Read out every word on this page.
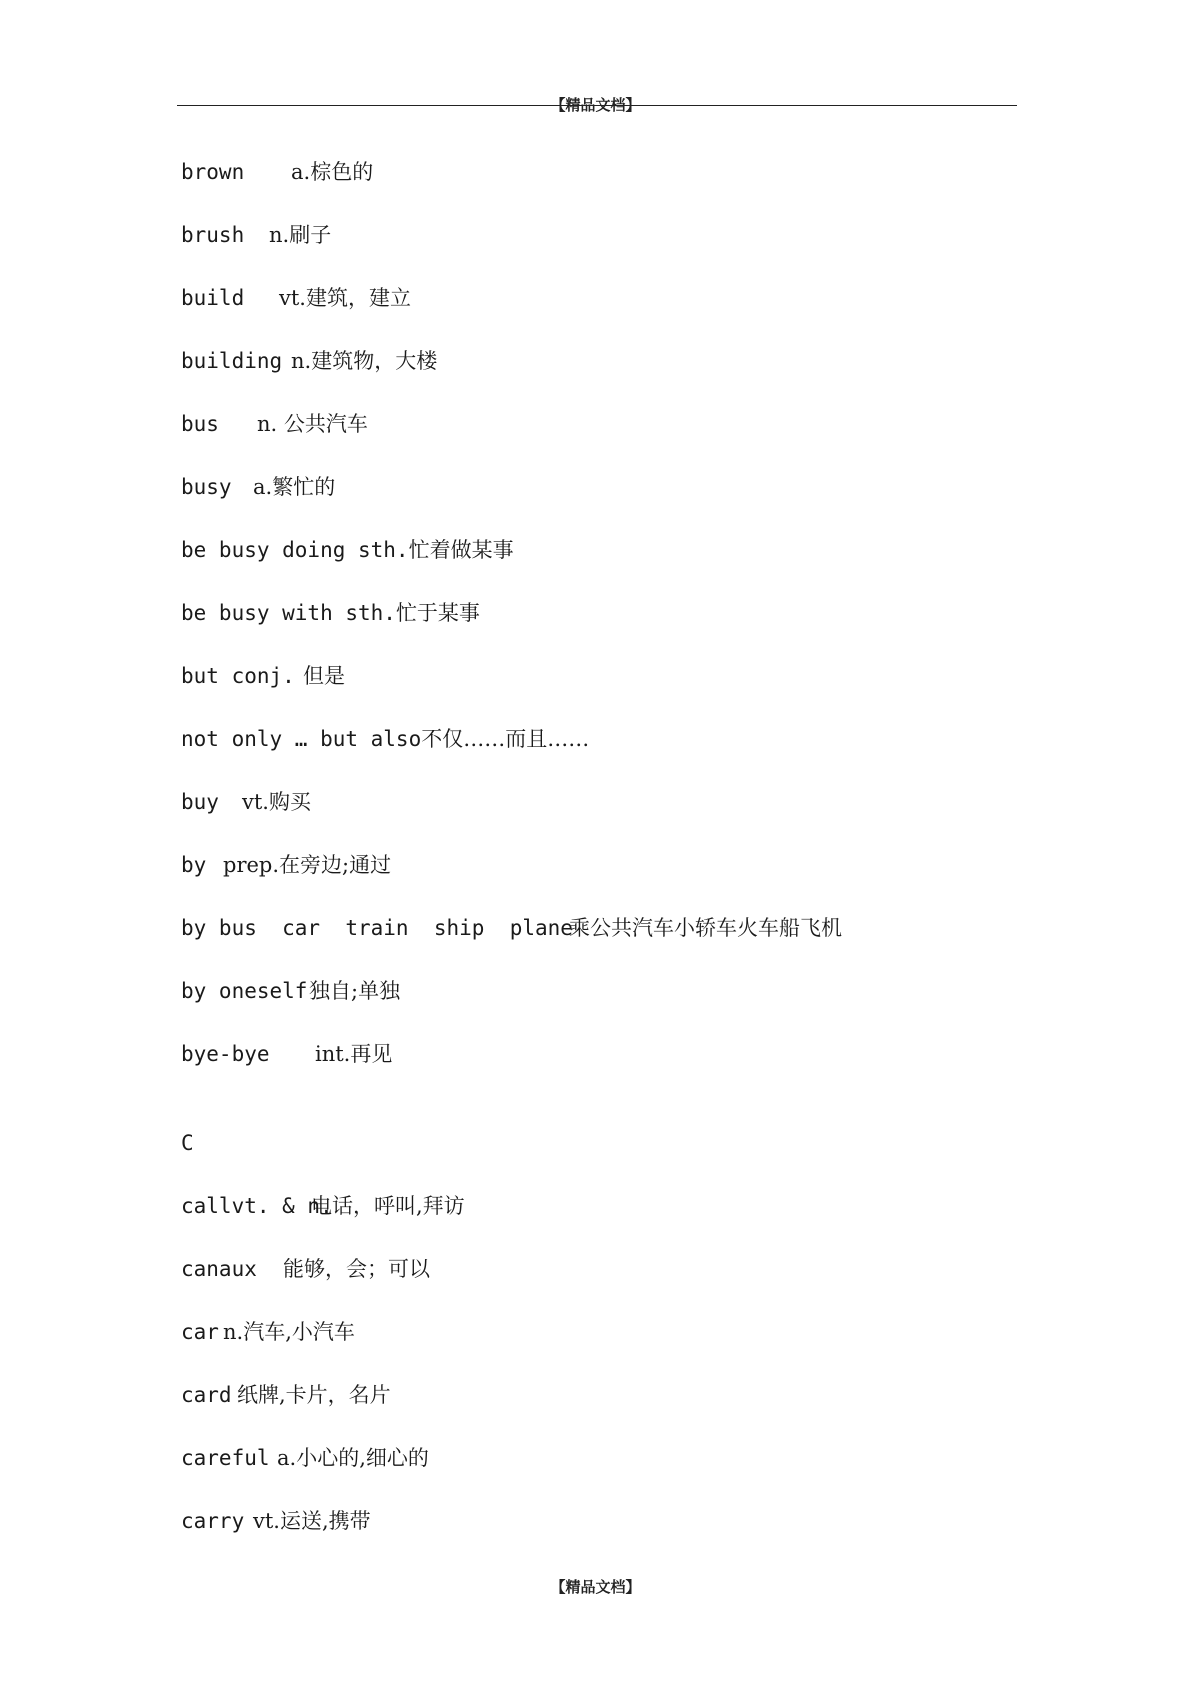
【精品文档】
brown a.棕色的
brush n.刷子
build vt.建筑，建立
building n.建筑物，大楼
bus n. 公共汽车
busy a.繁忙的
be busy doing sth.忙着做某事
be busy with sth.忙于某事
but conj. 但是
not only … but also不仅……而且……
buy vt.购买
by prep.在旁边;通过
by bus  car  train  ship  plane乘公共汽车小轿车火车船飞机
by oneself独自;单独
bye-bye int.再见
C
callvt. & n.电话，呼叫,拜访
canaux 能够，会；可以
car n.汽车,小汽车
card 纸牌,卡片，名片
careful a.小心的,细心的
carry vt.运送,携带
【精品文档】
